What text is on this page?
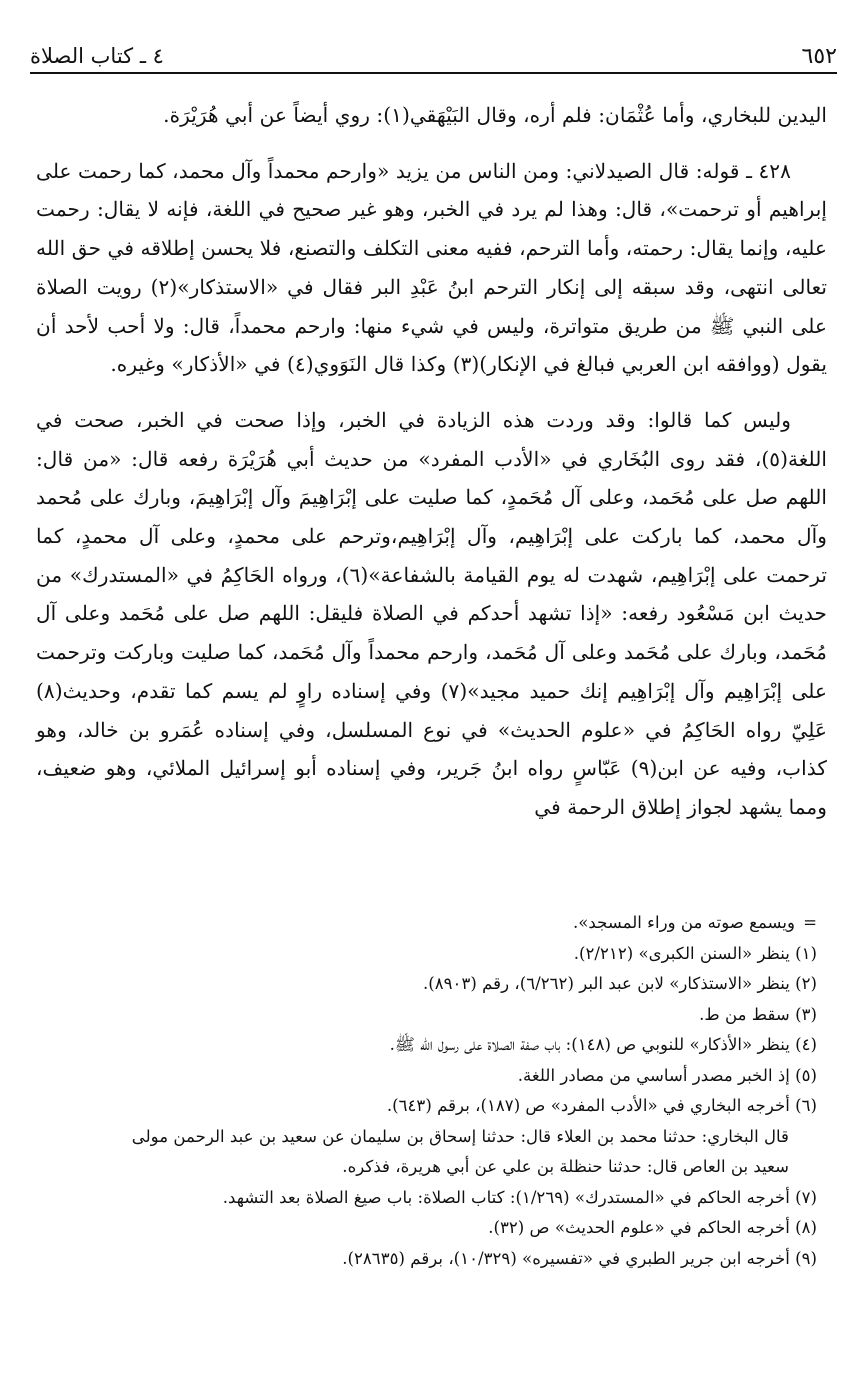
٦٥٢
٤ ـ كتاب الصلاة

اليدين للبخاري، وأما عُثْمَان: فلم أره، وقال البَيْهَقي(١): روي أيضاً عن أبي هُرَيْرَة.

٤٢٨ ـ قوله: قال الصيدلاني: ومن الناس من يزيد «وارحم محمداً وآل محمد، كما رحمت على إبراهيم أو ترحمت»، قال: وهذا لم يرد في الخبر، وهو غير صحيح في اللغة، فإنه لا يقال: رحمت عليه، وإنما يقال: رحمته، وأما الترحم، ففيه معنى التكلف والتصنع، فلا يحسن إطلاقه في حق الله تعالى انتهى، وقد سبقه إلى إنكار الترحم ابنُ عَبْدِ البر فقال في «الاستذكار»(٢) رويت الصلاة على النبي ﷺ من طريق متواترة، وليس في شيء منها: وارحم محمداً، قال: ولا أحب لأحد أن يقول (ووافقه ابن العربي فبالغ في الإنكار)(٣) وكذا قال النَوَوي(٤) في «الأذكار» وغيره.

وليس كما قالوا: وقد وردت هذه الزيادة في الخبر، وإذا صحت في الخبر، صحت في اللغة(٥)، فقد روى البُخَاري في «الأدب المفرد» من حديث أبي هُرَيْرَة رفعه قال: «من قال: اللهم صل على مُحَمد، وعلى آل مُحَمدٍ، كما صليت على إبْرَاهِيمَ وآل إبْرَاهِيمَ، وبارك على مُحمد وآل محمد، كما باركت على إبْرَاهِيم، وآل إبْرَاهِيم،وترحم على محمدٍ، وعلى آل محمدٍ، كما ترحمت على إبْرَاهِيم، شهدت له يوم القيامة بالشفاعة»(٦)، ورواه الحَاكِمُ في «المستدرك» من حديث ابن مَسْعُود رفعه: «إذا تشهد أحدكم في الصلاة فليقل: اللهم صل على مُحَمد وعلى آل مُحَمد، وبارك على مُحَمد وعلى آل مُحَمد، وارحم محمداً وآل مُحَمد، كما صليت وباركت وترحمت على إبْرَاهِيم وآل إبْرَاهِيم إنك حميد مجيد»(٧) وفي إسناده راوٍ لم يسم كما تقدم، وحديث(٨) عَلِيّ رواه الحَاكِمُ في «علوم الحديث» في نوع المسلسل، وفي إسناده عُمَرو بن خالد، وهو كذاب، وفيه عن ابن(٩) عَبّاسٍ رواه ابنُ جَرير، وفي إسناده أبو إسرائيل الملائي، وهو ضعيف، ومما يشهد لجواز إطلاق الرحمة في

=ويسمع صوته من وراء المسجد».

(١) ينظر «السنن الكبرى» (٢/٢١٢).

(٢) ينظر «الاستذكار» لابن عبد البر (٦/٢٦٢)، رقم (٨٩٠٣).

(٣) سقط من ط.

(٤) ينظر «الأذكار» للنوبي ص (١٤٨): باب صفة الصلاة على رسول الله ﷺ.

(٥) إذ الخبر مصدر أساسي من مصادر اللغة.

(٦) أخرجه البخاري في «الأدب المفرد» ص (١٨٧)، برقم (٦٤٣).

قال البخاري: حدثنا محمد بن العلاء قال: حدثنا إسحاق بن سليمان عن سعيد بن عبد الرحمن مولى

سعيد بن العاص قال: حدثنا حنظلة بن علي عن أبي هريرة، فذكره.

(٧) أخرجه الحاكم في «المستدرك» (١/٢٦٩): كتاب الصلاة: باب صيغ الصلاة بعد التشهد.

(٨) أخرجه الحاكم في «علوم الحديث» ص (٣٢).

(٩) أخرجه ابن جرير الطبري في «تفسيره» (١٠/٣٢٩)، برقم (٢٨٦٣٥).
